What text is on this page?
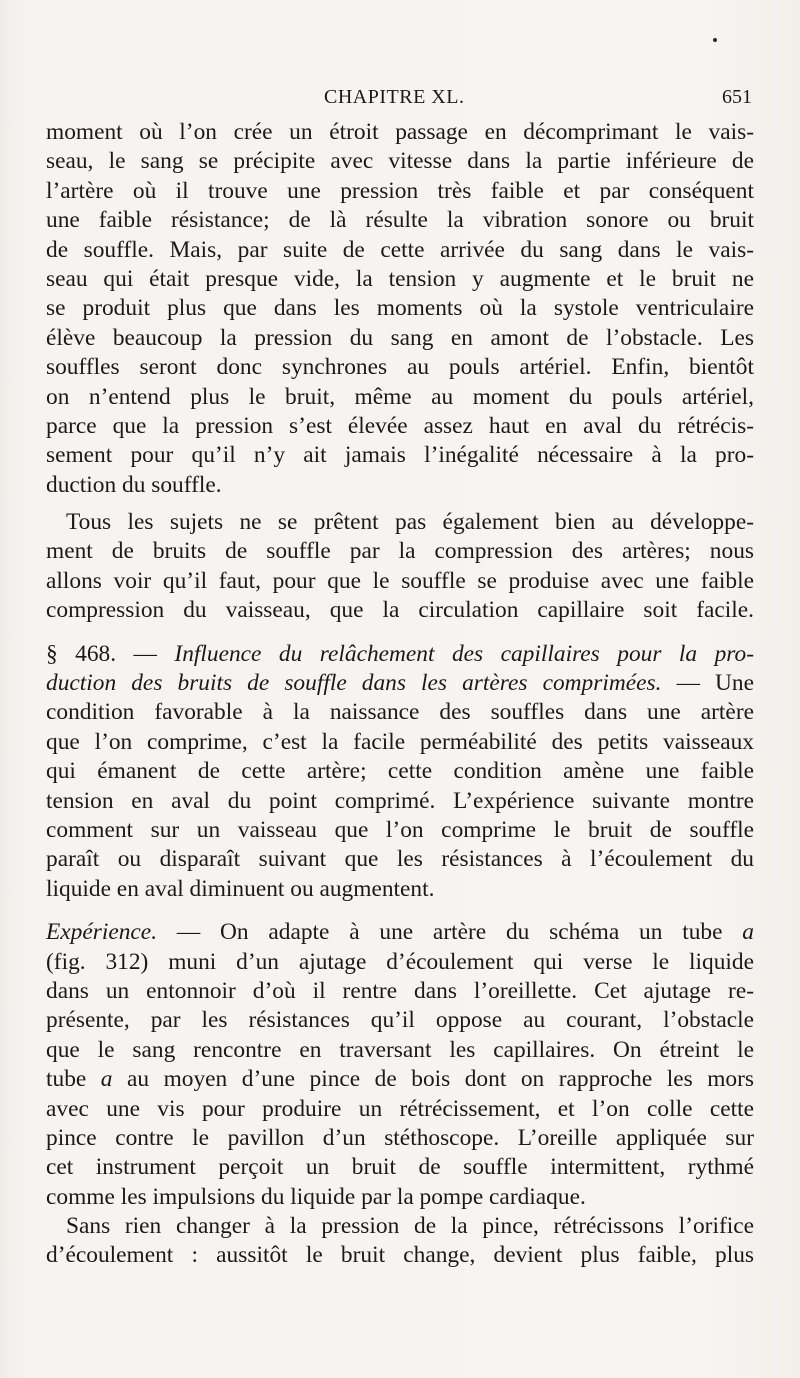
CHAPITRE XL.	651
moment où l’on crée un étroit passage en décomprimant le vais-
seau, le sang se précipite avec vitesse dans la partie inférieure de
l’artère où il trouve une pression très faible et par conséquent
une faible résistance; de là résulte la vibration sonore ou bruit
de souffle. Mais, par suite de cette arrivée du sang dans le vais-
seau qui était presque vide, la tension y augmente et le bruit ne
se produit plus que dans les moments où la systole ventriculaire
élève beaucoup la pression du sang en amont de l’obstacle. Les
souffles seront donc synchrones au pouls artériel. Enfin, bientôt
on n’entend plus le bruit, même au moment du pouls artériel,
parce que la pression s’est élevée assez haut en aval du rétrécis-
sement pour qu’il n’y ait jamais l’inégalité nécessaire à la pro-
duction du souffle.
Tous les sujets ne se prêtent pas également bien au développe-
ment de bruits de souffle par la compression des artères; nous
allons voir qu’il faut, pour que le souffle se produise avec une faible
compression du vaisseau, que la circulation capillaire soit facile.
§ 468. — Influence du relâchement des capillaires pour la pro-
duction des bruits de souffle dans les artères comprimées. — Une
condition favorable à la naissance des souffles dans une artère
que l’on comprime, c’est la facile perméabilité des petits vaisseaux
qui émanent de cette artère; cette condition amène une faible
tension en aval du point comprimé. L’expérience suivante montre
comment sur un vaisseau que l’on comprime le bruit de souffle
paraît ou disparaît suivant que les résistances à l’écoulement du
liquide en aval diminuent ou augmentent.
Expérience. — On adapte à une artère du schéma un tube a
(fig. 312) muni d’un ajutage d’écoulement qui verse le liquide
dans un entonnoir d’où il rentre dans l’oreillette. Cet ajutage re-
présente, par les résistances qu’il oppose au courant, l’obstacle
que le sang rencontre en traversant les capillaires. On étreint le
tube a au moyen d’une pince de bois dont on rapproche les mors
avec une vis pour produire un rétrécissement, et l’on colle cette
pince contre le pavillon d’un stéthoscope. L’oreille appliquée sur
cet instrument perçoit un bruit de souffle intermittent, rythmé
comme les impulsions du liquide par la pompe cardiaque.
Sans rien changer à la pression de la pince, rétrécissons l’orifice
d’écoulement : aussitôt le bruit change, devient plus faible, plus
